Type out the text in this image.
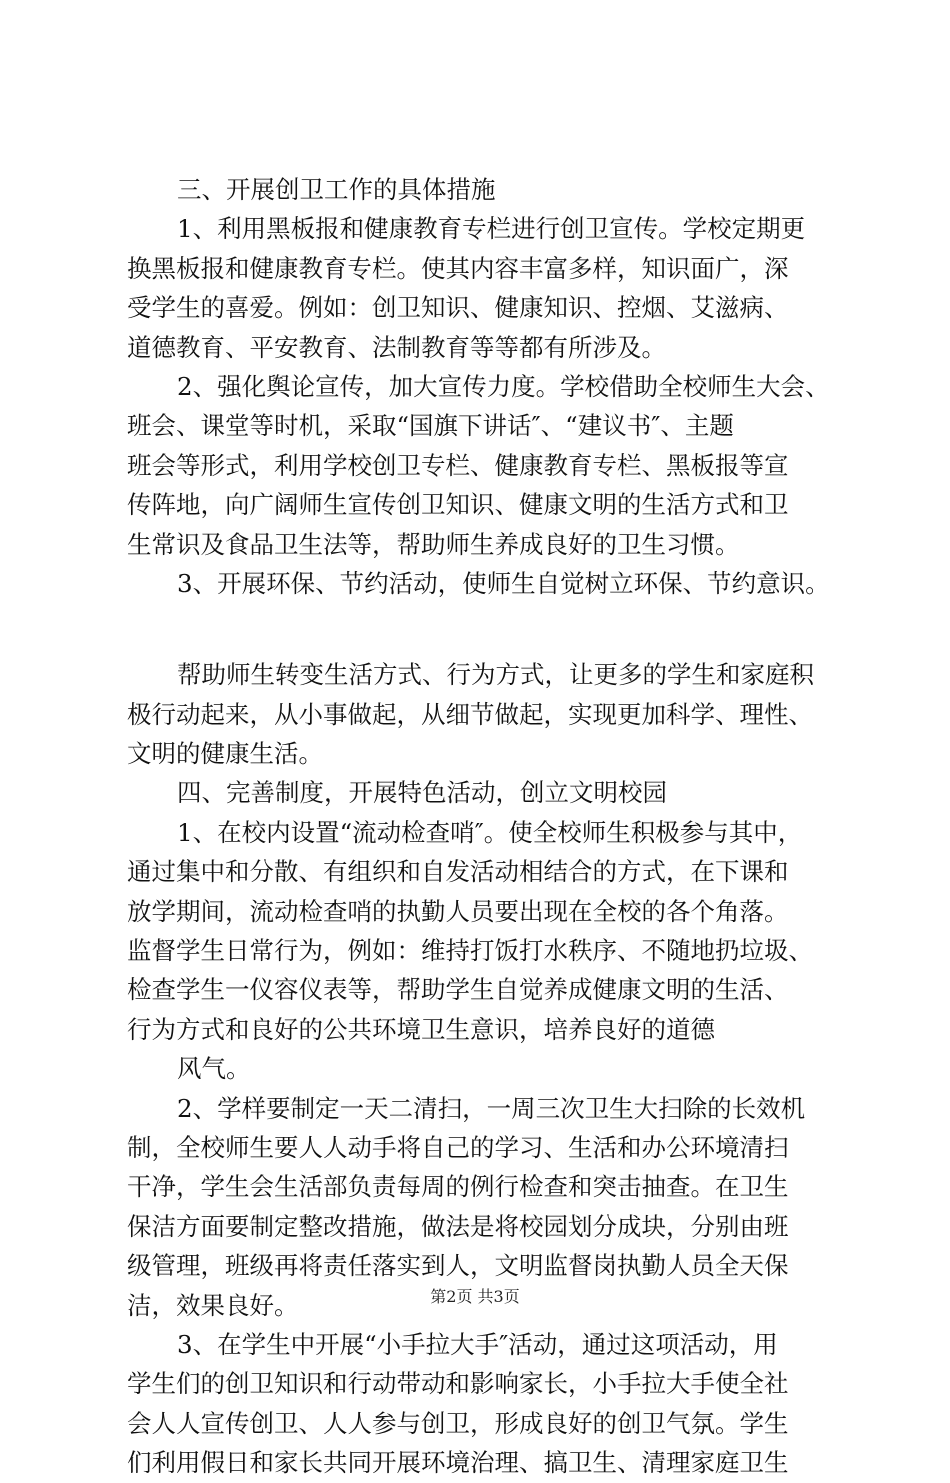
三、开展创卫工作的具体措施
1、利用黑板报和健康教育专栏进行创卫宣传。学校定期更
换黑板报和健康教育专栏。使其内容丰富多样，知识面广，深
受学生的喜爱。例如：创卫知识、健康知识、控烟、艾滋病、
道德教育、平安教育、法制教育等等都有所涉及。
2、强化舆论宣传，加大宣传力度。学校借助全校师生大会、
班会、课堂等时机，采取“国旗下讲话″、“建议书″、主题
班会等形式，利用学校创卫专栏、健康教育专栏、黑板报等宣
传阵地，向广阔师生宣传创卫知识、健康文明的生活方式和卫
生常识及食品卫生法等，帮助师生养成良好的卫生习惯。
3、开展环保、节约活动，使师生自觉树立环保、节约意识。
帮助师生转变生活方式、行为方式，让更多的学生和家庭积
极行动起来，从小事做起，从细节做起，实现更加科学、理性、
文明的健康生活。
四、完善制度，开展特色活动，创立文明校园
1、在校内设置“流动检查哨″。使全校师生积极参与其中，
通过集中和分散、有组织和自发活动相结合的方式，在下课和
放学期间，流动检查哨的执勤人员要出现在全校的各个角落。
监督学生日常行为，例如：维持打饭打水秩序、不随地扔垃圾、
检查学生一仪容仪表等，帮助学生自觉养成健康文明的生活、
行为方式和良好的公共环境卫生意识，培养良好的道德
风气。
2、学样要制定一天二清扫，一周三次卫生大扫除的长效机
制，全校师生要人人动手将自己的学习、生活和办公环境清扫
干净，学生会生活部负责每周的例行检查和突击抽查。在卫生
保洁方面要制定整改措施，做法是将校园划分成块，分别由班
级管理，班级再将责任落实到人，文明监督岗执勤人员全天保
洁，效果良好。
3、在学生中开展“小手拉大手″活动，通过这项活动，用
学生们的创卫知识和行动带动和影响家长，小手拉大手使全社
会人人宣传创卫、人人参与创卫，形成良好的创卫气氛。学生
们利用假日和家长共同开展环境治理、搞卫生、清理家庭卫生
第2页 共3页
